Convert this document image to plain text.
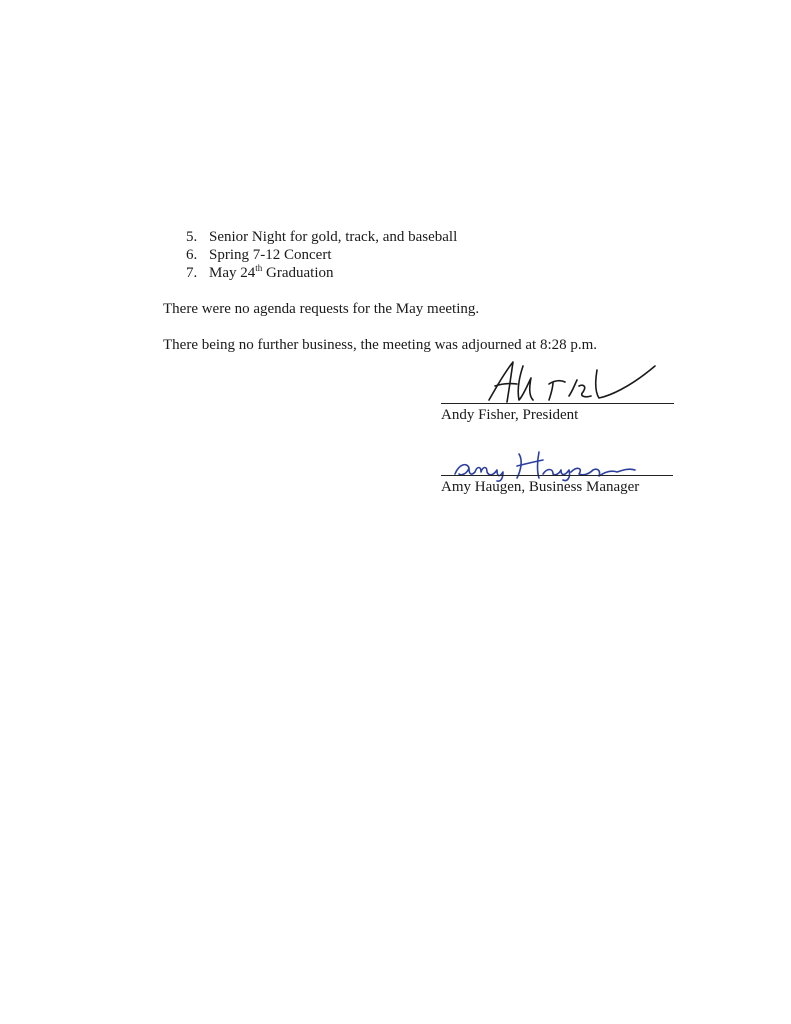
5. Senior Night for gold, track, and baseball
6. Spring 7-12 Concert
7. May 24th Graduation

There were no agenda requests for the May meeting.

There being no further business, the meeting was adjourned at 8:28 p.m.

Andy Fisher, President
Amy Haugen, Business Manager
